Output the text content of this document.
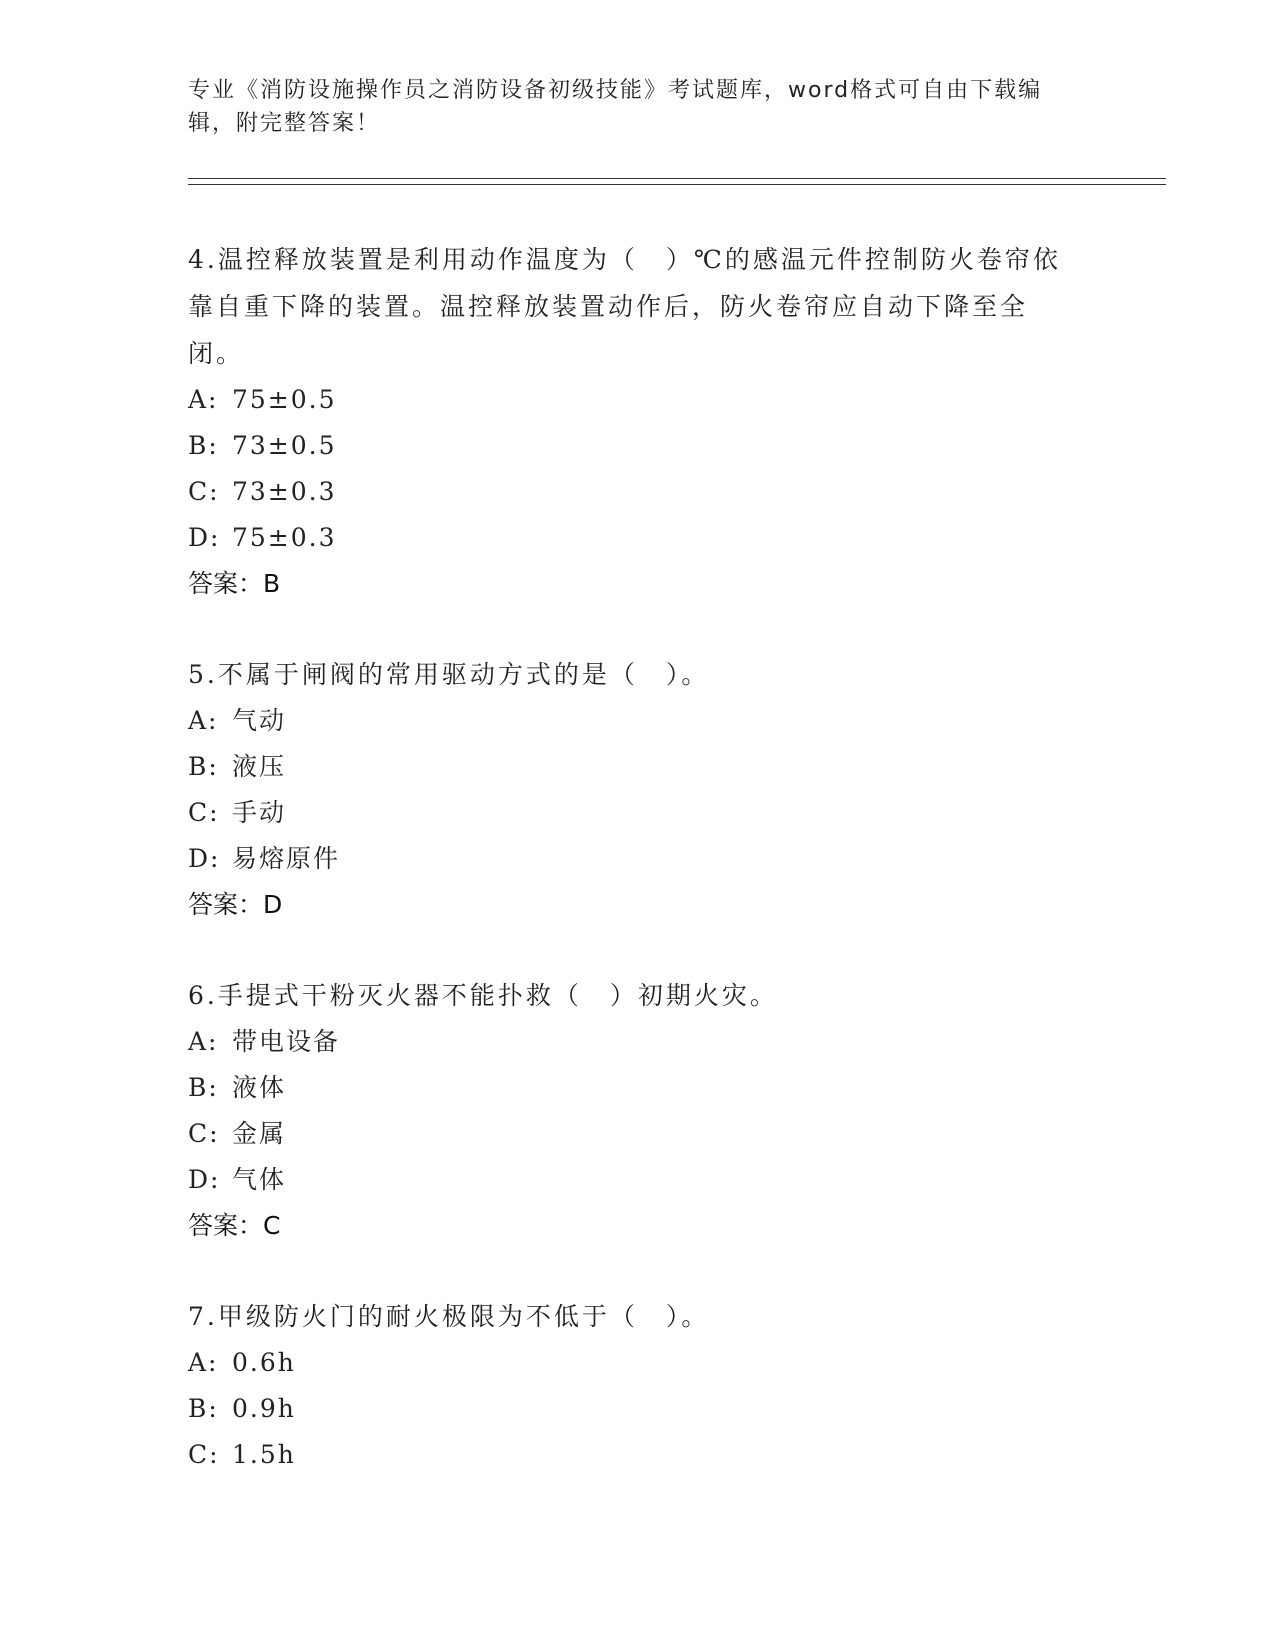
专业《消防设施操作员之消防设备初级技能》考试题库，word格式可自由下载编辑，附完整答案！
4.温控释放装置是利用动作温度为（　）℃的感温元件控制防火卷帘依靠自重下降的装置。温控释放装置动作后，防火卷帘应自动下降至全闭。
A: 75±0.5
B: 73±0.5
C: 73±0.3
D: 75±0.3
答案：B
5.不属于闸阀的常用驱动方式的是（　）。
A: 气动
B: 液压
C: 手动
D: 易熔原件
答案：D
6.手提式干粉灭火器不能扑救（　）初期火灾。
A: 带电设备
B: 液体
C: 金属
D: 气体
答案：C
7.甲级防火门的耐火极限为不低于（　）。
A: 0.6h
B: 0.9h
C: 1.5h
